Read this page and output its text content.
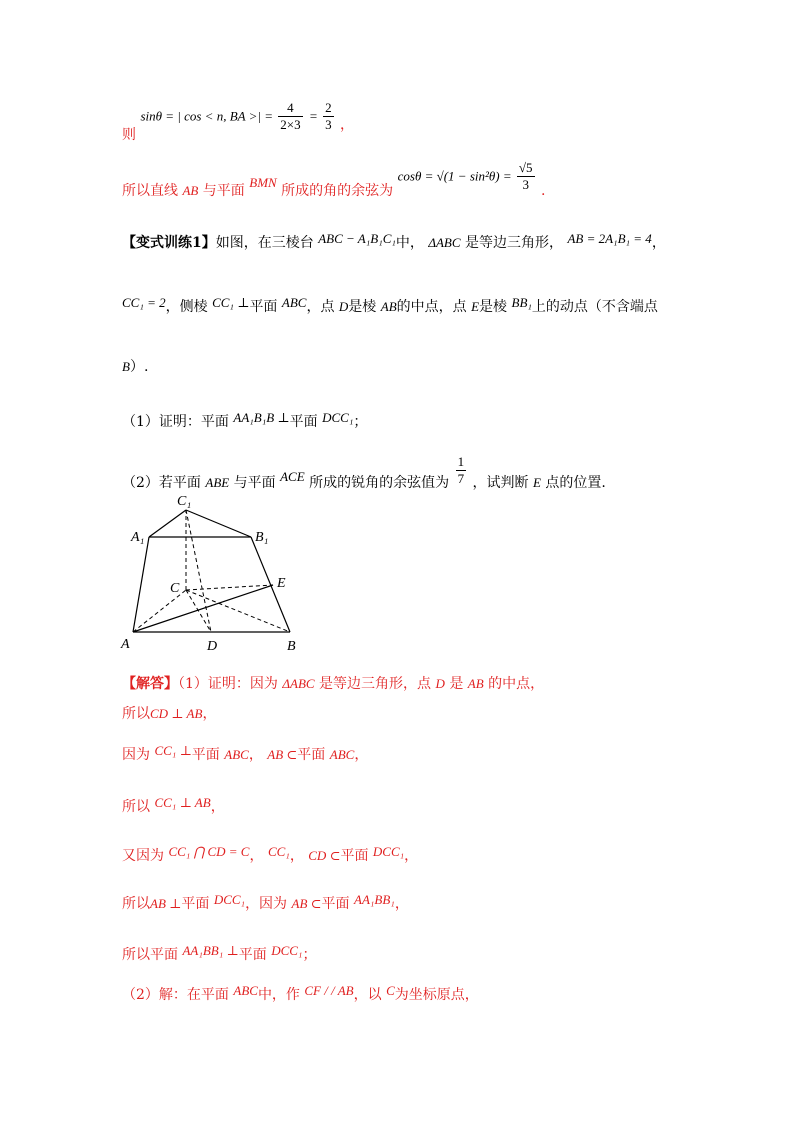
则 sinθ = | cos < n, BA >| = $\frac{4}{2\times 3} = \frac{2}{3}$ ，
所以直线 AB 与平面 BMN 所成的角的余弦为 $\cos\theta = √(1 - \sin^2\theta) = \frac{√5}{3}$ .
【变式训练1】如图，在三棱台 ABC − A₁B₁C₁中， ΔABC 是等边三角形， AB = 2A₁B₁ = 4，
CC₁ = 2，侧棱 CC₁ ⊥平面 ABC，点 D是棱 AB的中点，点 E是棱 BB₁上的动点（不含端点
B）.
（1）证明：平面 AA₁B₁B ⊥平面 DCC₁；
（2）若平面 ABE 与平面 ACE 所成的锐角的余弦值为 $\frac{1}{7}$ ，试判断 E 点的位置.
C₁
A₁	B₁
C	E
A	D	B
【解答】（1）证明：因为 ΔABC 是等边三角形，点 D 是 AB 的中点，
所以CD ⊥ AB，
因为 CC₁ ⊥平面 ABC， AB ⊂平面 ABC，
所以 CC₁ ⊥ AB，
又因为 CC₁ ⋂ CD = C， CC₁， CD ⊂平面 DCC₁，
所以AB ⊥平面 DCC₁，因为 AB ⊂平面 AA₁BB₁，
所以平面 AA₁BB₁ ⊥平面 DCC₁；
（2）解：在平面 ABC中，作 CF / / AB，以 C为坐标原点，
